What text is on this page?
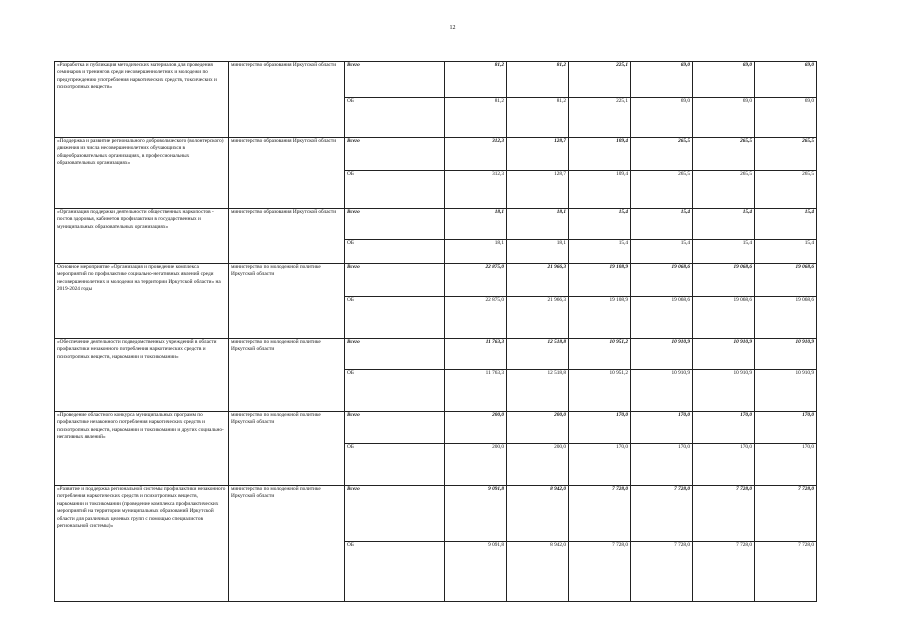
12
«Разработка и публикация методических материалов для проведения семинаров и тренингов среди несовершеннолетних и молодежи по предупреждению употребления наркотических средств, токсических и психотропных веществ»	министерство образования Иркутской области	Всего	81,2	81,2	225,1	69,0	69,0	69,0
		ОБ	81,2	81,2	225,1	69,0	69,0	69,0
«Поддержка и развитие регионального добровольческого (волонтерского) движения из числа несовершеннолетних обучающихся в общеобразовательных организациях, в профессиональных образовательных организациях»	министерство образования Иркутской области	Всего	312,3	128,7	109,4	265,5	265,5	265,5
		ОБ	312,3	128,7	109,4	265,5	265,5	265,5
«Организация поддержки деятельности общественных наркопостов - постов здоровья, кабинетов профилактики в государственных и муниципальных образовательных организациях»	министерство образования Иркутской области	Всего	18,1	18,1	15,4	15,4	15,4	15,4
		ОБ	18,1	18,1	15,4	15,4	15,4	15,4
Основное мероприятие «Организация и проведение комплекса мероприятий по профилактике социально-негативных явлений среди несовершеннолетних и молодежи на территории Иркутской области» на 2019-2024 годы	министерство по молодежной политике Иркутской области	Всего	22 875,0	21 966,3	19 108,9	19 068,6	19 068,6	19 068,6
		ОБ	22 875,0	21 966,3	19 108,9	19 068,6	19 068,6	19 068,6
«Обеспечение деятельности подведомственных учреждений в области профилактики незаконного потребления наркотических средств и психотропных веществ, наркомании и токсикомании»	министерство по молодежной политике Иркутской области	Всего	11 763,3	12 518,8	10 951,2	10 910,9	10 910,9	10 910,9
		ОБ	11 763,3	12 518,8	10 951,2	10 910,9	10 910,9	10 910,9
«Проведение областного конкурса муниципальных программ по профилактике незаконного потребления наркотических средств и психотропных веществ, наркомании и токсикомании и других социально-негативных явлений»	министерство по молодежной политике Иркутской области	Всего	200,0	200,0	170,0	170,0	170,0	170,0
		ОБ	200,0	200,0	170,0	170,0	170,0	170,0
«Развитие и поддержка региональной системы профилактики незаконного потребления наркотических средств и психотропных веществ, наркомании и токсикомании (проведение комплекса профилактических мероприятий на территории муниципальных образований Иркутской области для различных целевых групп с помощью специалистов региональной системы)»	министерство по молодежной политике Иркутской области	Всего	9 091,8	8 942,0	7 728,0	7 728,0	7 728,0	7 728,0
		ОБ	9 091,8	8 942,0	7 728,0	7 728,0	7 728,0	7 728,0
